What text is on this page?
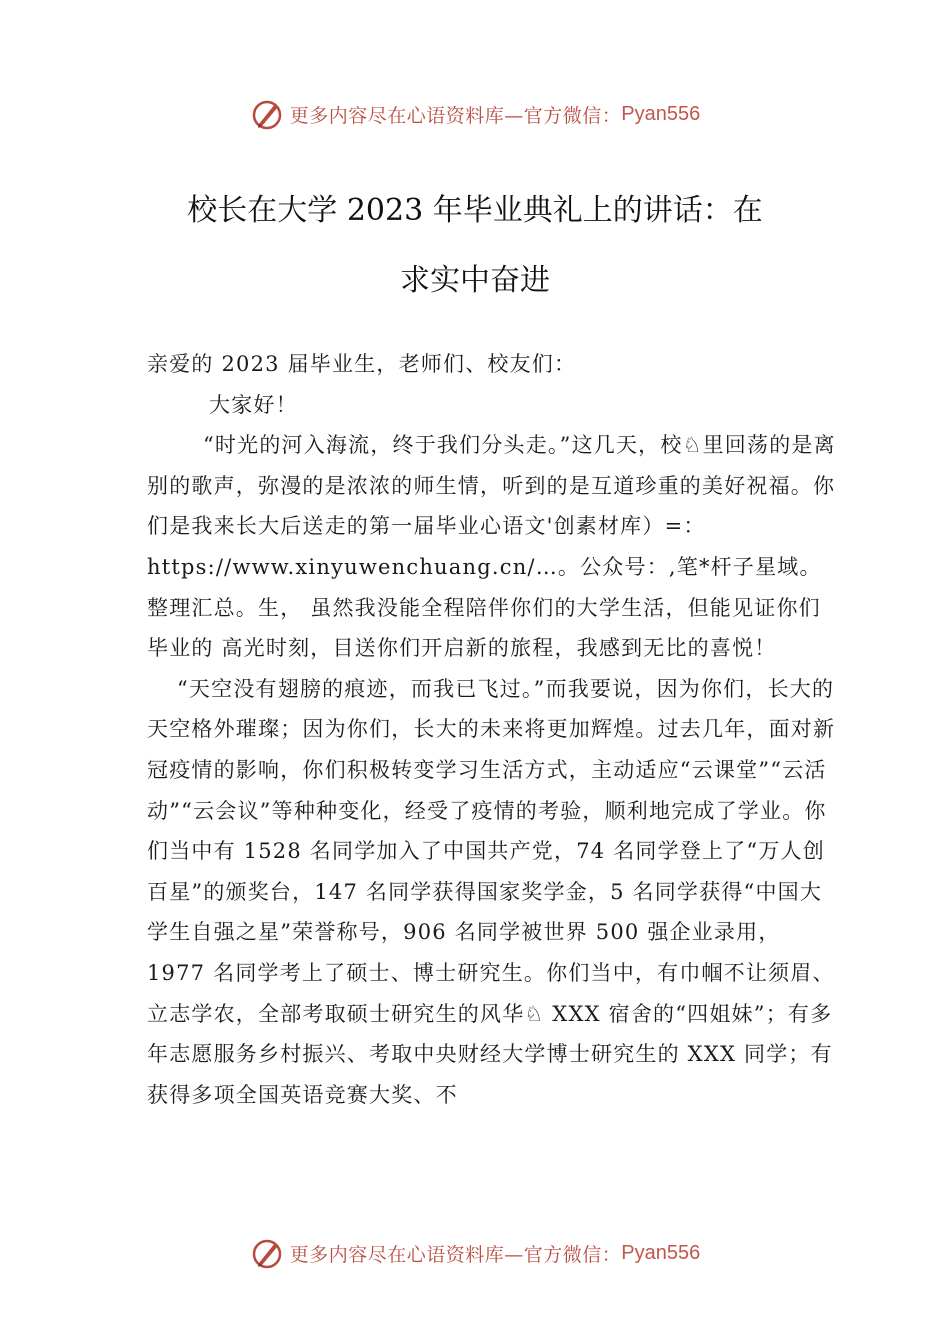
更多内容尽在心语资料库—官方微信： Pyan556
校长在大学 2023 年毕业典礼上的讲话：在
求实中奋进

亲爱的 2023 届毕业生，老师们、校友们：

大家好！

“时光的河入海流，终于我们分头走。”这几天，校♘里回荡的是离别的歌声，弥漫的是浓浓的师生情，听到的是互道珍重的美好祝福。你们是我来长大后送走的第一届毕业心语文'创素材库）=：https://www.xinyuwenchuang.cn/…。公众号：,笔*杆子星域。整理汇总。生， 虽然我没能全程陪伴你们的大学生活，但能见证你们毕业的 高光时刻，目送你们开启新的旅程，我感到无比的喜悦！

“天空没有翅膀的痕迹，而我已飞过。”而我要说，因为你们，长大的天空格外璀璨；因为你们，长大的未来将更加辉煌。过去几年，面对新冠疫情的影响，你们积极转变学习生活方式，主动适应“云课堂”“云活动”“云会议”等种种变化，经受了疫情的考验，顺利地完成了学业。你们当中有 1528 名同学加入了中国共产党，74 名同学登上了“万人创百星”的颁奖台，147 名同学获得国家奖学金，5 名同学获得“中国大学生自强之星”荣誉称号，906 名同学被世界 500 强企业录用，1977 名同学考上了硕士、博士研究生。你们当中，有巾帼不让须眉、立志学农，全部考取硕士研究生的风华♘ XXX 宿舍的“四姐妹”；有多年志愿服务乡村振兴、考取中央财经大学博士研究生的 XXX 同学；有获得多项全国英语竞赛大奖、不

更多内容尽在心语资料库—官方微信： Pyan556
